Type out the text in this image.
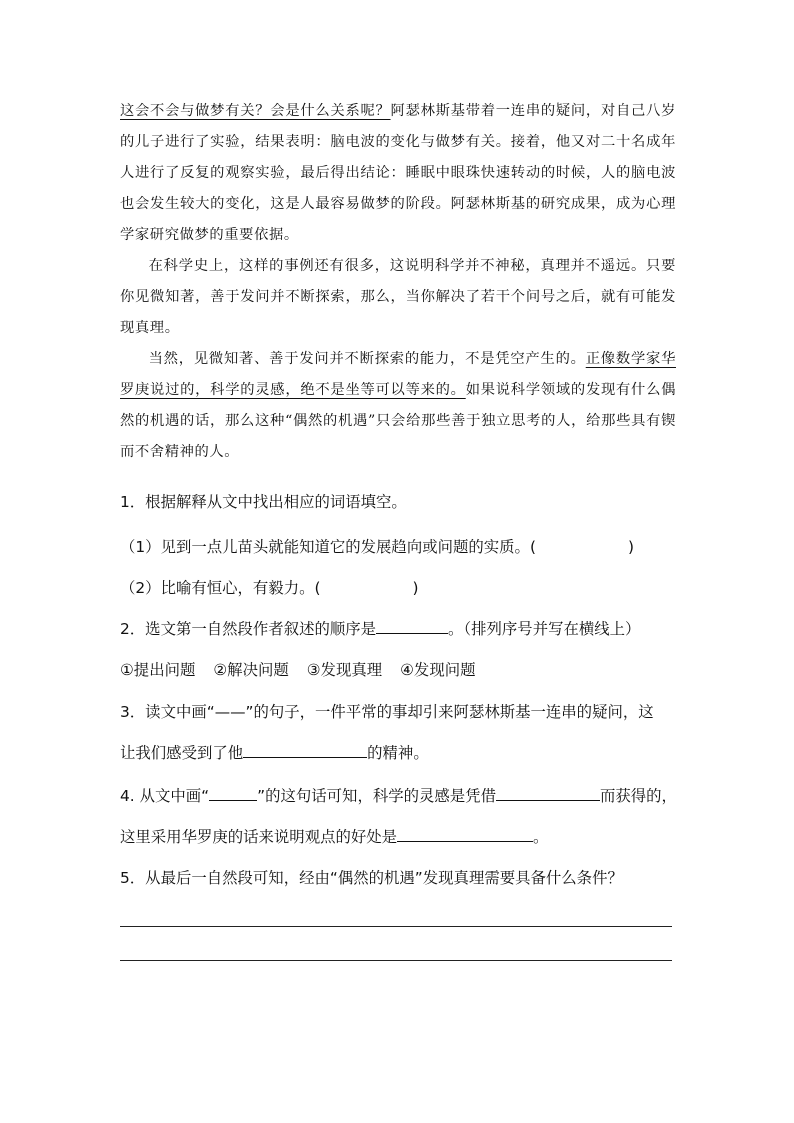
这会不会与做梦有关？会是什么关系呢？阿瑟林斯基带着一连串的疑问，对自己八岁的儿子进行了实验，结果表明：脑电波的变化与做梦有关。接着，他又对二十名成年人进行了反复的观察实验，最后得出结论：睡眠中眼珠快速转动的时候，人的脑电波也会发生较大的变化，这是人最容易做梦的阶段。阿瑟林斯基的研究成果，成为心理学家研究做梦的重要依据。

在科学史上，这样的事例还有很多，这说明科学并不神秘，真理并不遥远。只要你见微知著，善于发问并不断探索，那么，当你解决了若干个问号之后，就有可能发现真理。

当然，见微知著、善于发问并不断探索的能力，不是凭空产生的。正像数学家华罗庚说过的，科学的灵感，绝不是坐等可以等来的。如果说科学领域的发现有什么偶然的机遇的话，那么这种“偶然的机遇”只会给那些善于独立思考的人，给那些具有锲而不舍精神的人。

1．根据解释从文中找出相应的词语填空。
（1）见到一点儿苗头就能知道它的发展趋向或问题的实质。(	)
（2）比喻有恒心，有毅力。(	)
2．选文第一自然段作者叙述的顺序是	。（排列序号并写在横线上）
①提出问题 ②解决问题 ③发现真理 ④发现问题
3．读文中画“——”的句子，一件平常的事却引来阿瑟林斯基一连串的疑问，这
让我们感受到了他	的精神。
4. 从文中画“	”的这句话可知，科学的灵感是凭借	而获得的，
这里采用华罗庚的话来说明观点的好处是	。
5．从最后一自然段可知，经由“偶然的机遇”发现真理需要具备什么条件？
